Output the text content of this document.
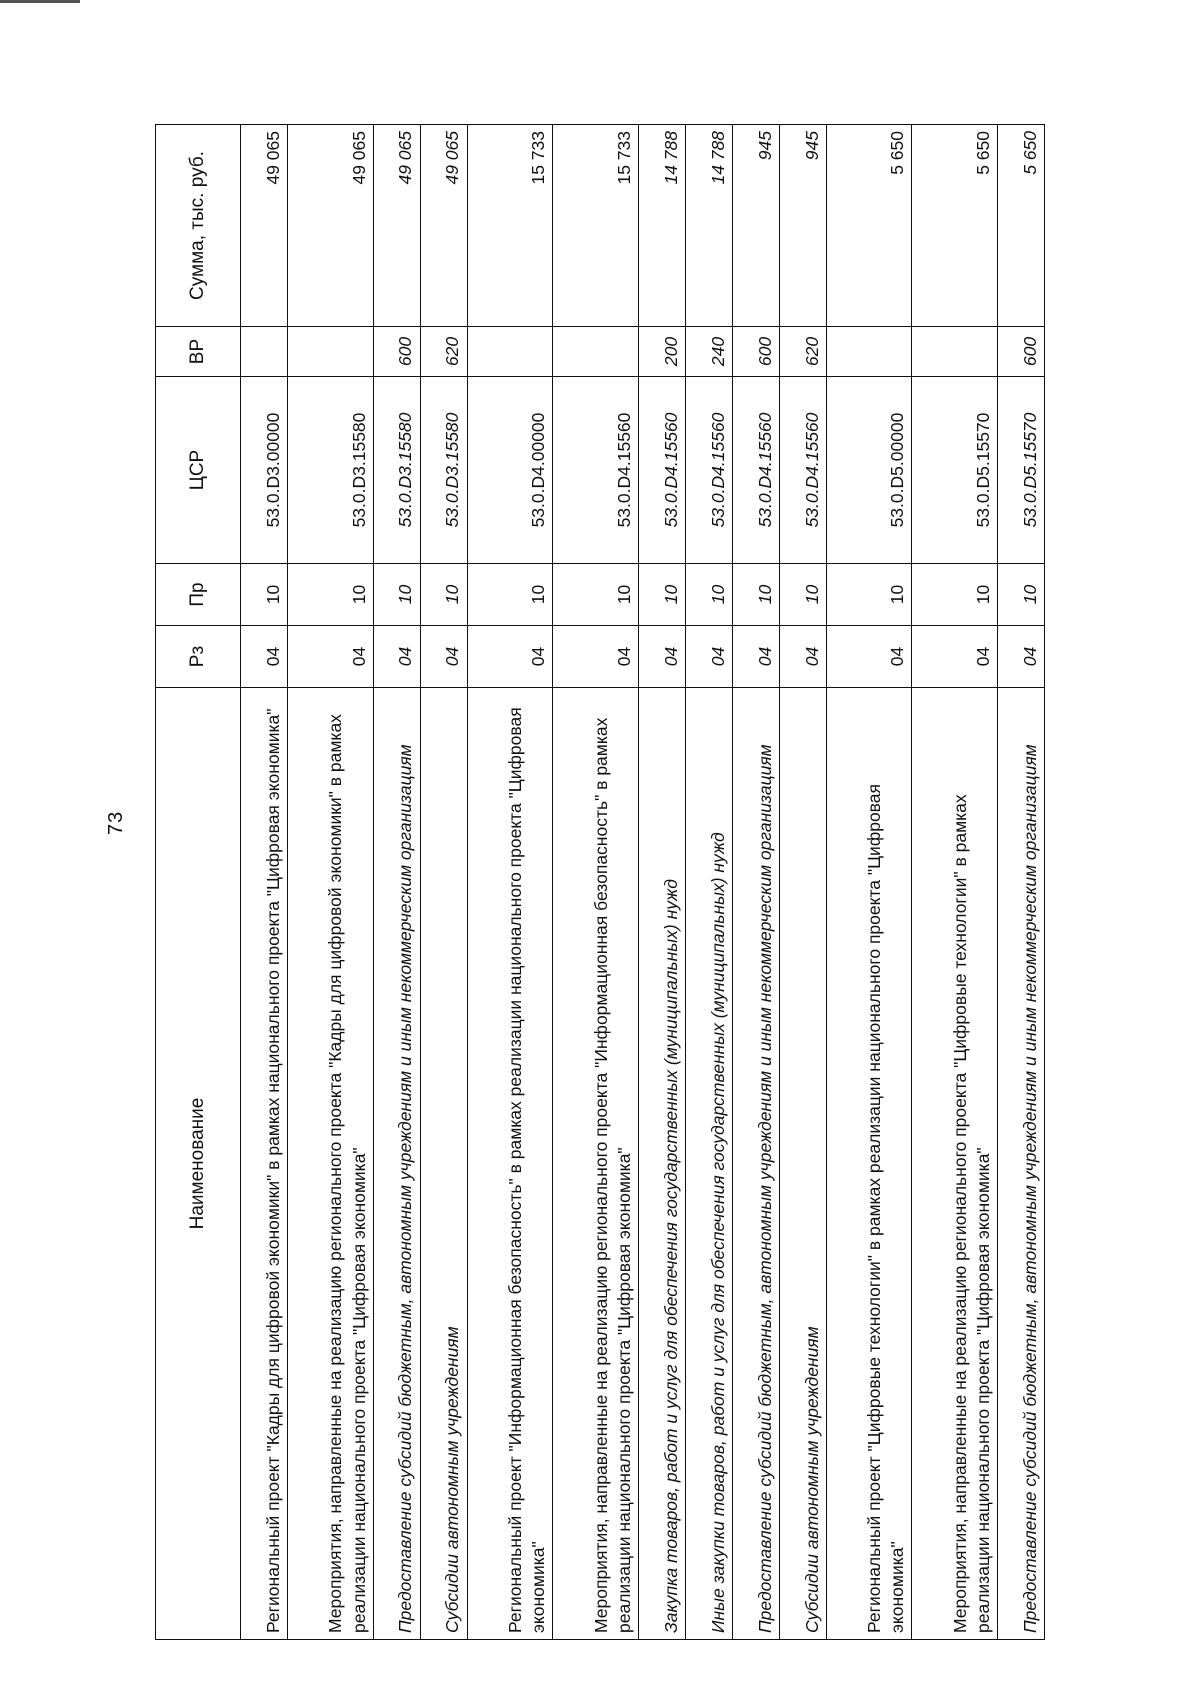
73
Наименование	Рз	Пр	ЦСР	ВР	Сумма, тыс. руб.
Региональный проект "Кадры для цифровой экономики" в рамках национального проекта "Цифровая экономика"	04	10	53.0.D3.00000		49 065
Мероприятия, направленные на реализацию регионального проекта "Кадры для цифровой экономики" в рамках реализации национального проекта "Цифровая экономика"	04	10	53.0.D3.15580		49 065
Предоставление субсидий бюджетным, автономным учреждениям и иным некоммерческим организациям	04	10	53.0.D3.15580	600	49 065
Субсидии автономным учреждениям	04	10	53.0.D3.15580	620	49 065
Региональный проект "Информационная безопасность" в рамках реализации национального проекта "Цифровая экономика"	04	10	53.0.D4.00000		15 733
Мероприятия, направленные на реализацию регионального проекта "Информационная безопасность" в рамках реализации национального проекта "Цифровая экономика"	04	10	53.0.D4.15560		15 733
Закупка товаров, работ и услуг для обеспечения государственных (муниципальных) нужд	04	10	53.0.D4.15560	200	14 788
Иные закупки товаров, работ и услуг для обеспечения государственных (муниципальных) нужд	04	10	53.0.D4.15560	240	14 788
Предоставление субсидий бюджетным, автономным учреждениям и иным некоммерческим организациям	04	10	53.0.D4.15560	600	945
Субсидии автономным учреждениям	04	10	53.0.D4.15560	620	945
Региональный проект "Цифровые технологии" в рамках реализации национального проекта "Цифровая экономика"	04	10	53.0.D5.00000		5 650
Мероприятия, направленные на реализацию регионального проекта "Цифровые технологии" в рамках реализации национального проекта "Цифровая экономика"	04	10	53.0.D5.15570		5 650
Предоставление субсидий бюджетным, автономным учреждениям и иным некоммерческим организациям	04	10	53.0.D5.15570	600	5 650
